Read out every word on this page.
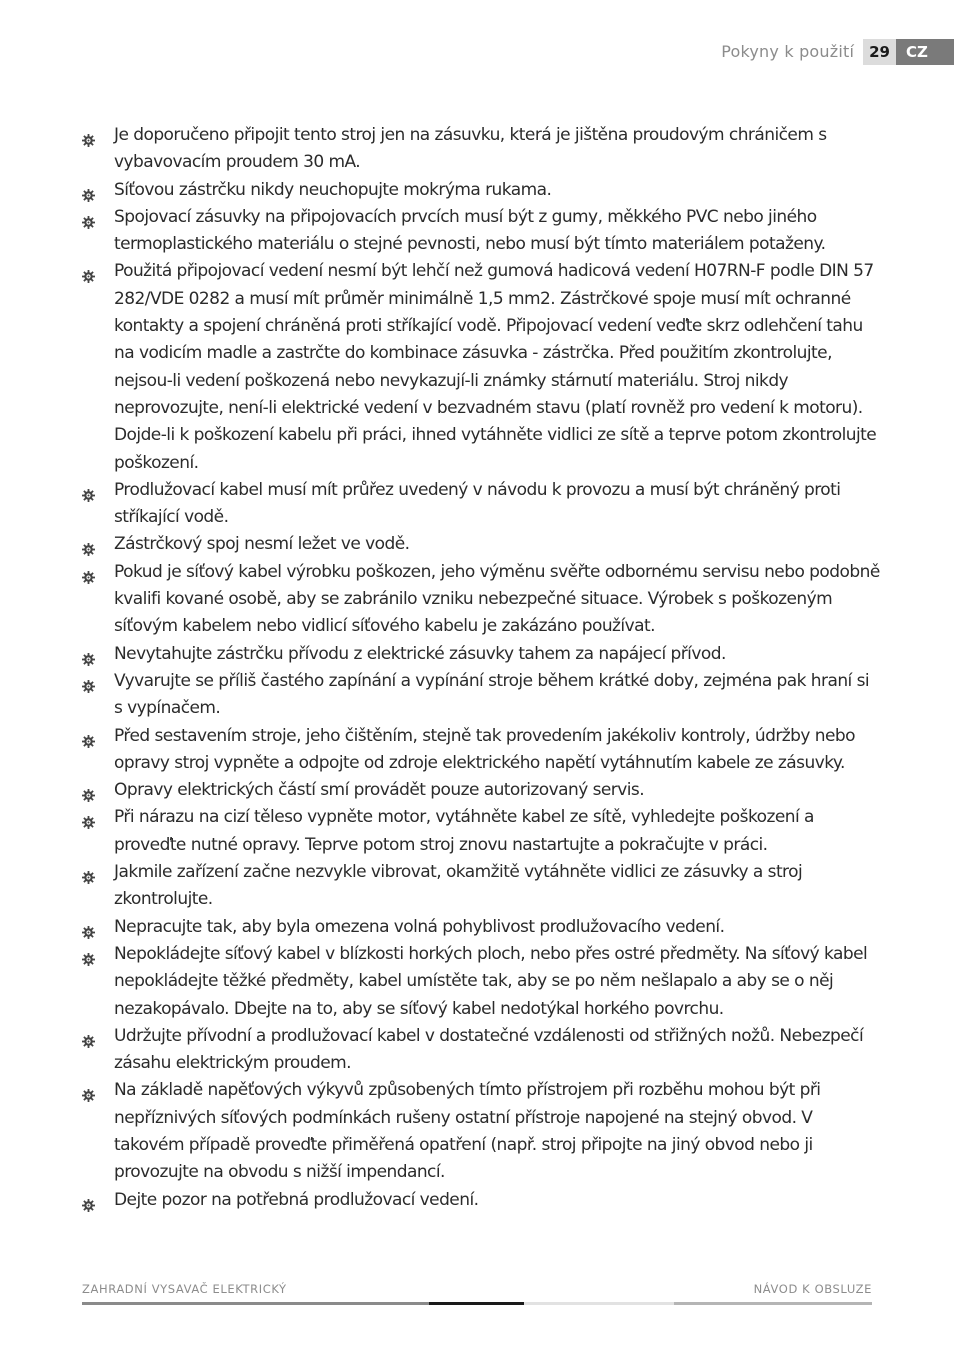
Pokyny k použití	29	CZ
Je doporučeno připojit tento stroj jen na zásuvku, která je jištěna proudovým chráničem s vybavovacím proudem 30 mA.
Síťovou zástrčku nikdy neuchopujte mokrýma rukama.
Spojovací zásuvky na připojovacích prvcích musí být z gumy, měkkého PVC nebo jiného termoplastického materiálu o stejné pevnosti, nebo musí být tímto materiálem potaženy.
Použitá připojovací vedení nesmí být lehčí než gumová hadicová vedení H07RN-F podle DIN 57 282/VDE 0282 a musí mít průměr minimálně 1,5 mm2. Zástrčkové spoje musí mít ochranné kontakty a spojení chráněná proti stříkající vodě. Připojovací vedení veďte skrz odlehčení tahu na vodicím madle a zastrčte do kombinace zásuvka - zástrčka. Před použitím zkontrolujte, nejsou-li vedení poškozená nebo nevykazují-li známky stárnutí materiálu. Stroj nikdy neprovozujte, není-li elektrické vedení v bezvadném stavu (platí rovněž pro vedení k motoru). Dojde-li k poškození kabelu při práci, ihned vytáhněte vidlici ze sítě a teprve potom zkontrolujte poškození.
Prodlužovací kabel musí mít průřez uvedený v návodu k provozu a musí být chráněný proti stříkající vodě.
Zástrčkový spoj nesmí ležet ve vodě.
Pokud je síťový kabel výrobku poškozen, jeho výměnu svěřte odbornému servisu nebo podobně kvalifi kované osobě, aby se zabránilo vzniku nebezpečné situace. Výrobek s poškozeným síťovým kabelem nebo vidlicí síťového kabelu je zakázáno používat.
Nevytahujte zástrčku přívodu z elektrické zásuvky tahem za napájecí přívod.
Vyvarujte se příliš častého zapínání a vypínání stroje během krátké doby, zejména pak hraní si s vypínačem.
Před sestavením stroje, jeho čištěním, stejně tak provedením jakékoliv kontroly, údržby nebo opravy stroj vypněte a odpojte od zdroje elektrického napětí vytáhnutím kabele ze zásuvky.
Opravy elektrických částí smí provádět pouze autorizovaný servis.
Při nárazu na cizí těleso vypněte motor, vytáhněte kabel ze sítě, vyhledejte poškození a proveďte nutné opravy. Teprve potom stroj znovu nastartujte a pokračujte v práci.
Jakmile zařízení začne nezvykle vibrovat, okamžitě vytáhněte vidlici ze zásuvky a stroj zkontrolujte.
Nepracujte tak, aby byla omezena volná pohyblivost prodlužovacího vedení.
Nepokládejte síťový kabel v blízkosti horkých ploch, nebo přes ostré předměty. Na síťový kabel nepokládejte těžké předměty, kabel umístěte tak, aby se po něm nešlapalo a aby se o něj nezakopávalo. Dbejte na to, aby se síťový kabel nedotýkal horkého povrchu.
Udržujte přívodní a prodlužovací kabel v dostatečné vzdálenosti od střižných nožů. Nebezpečí zásahu elektrickým proudem.
Na základě napěťových výkyvů způsobených tímto přístrojem při rozběhu mohou být při nepříznivých síťových podmínkách rušeny ostatní přístroje napojené na stejný obvod. V takovém případě proveďte přiměřená opatření (např. stroj připojte na jiný obvod nebo ji provozujte na obvodu s nižší impendancí.
Dejte pozor na potřebná prodlužovací vedení.
ZAHRADNÍ VYSAVAČ ELEKTRICKÝ	NÁVOD K OBSLUZE
